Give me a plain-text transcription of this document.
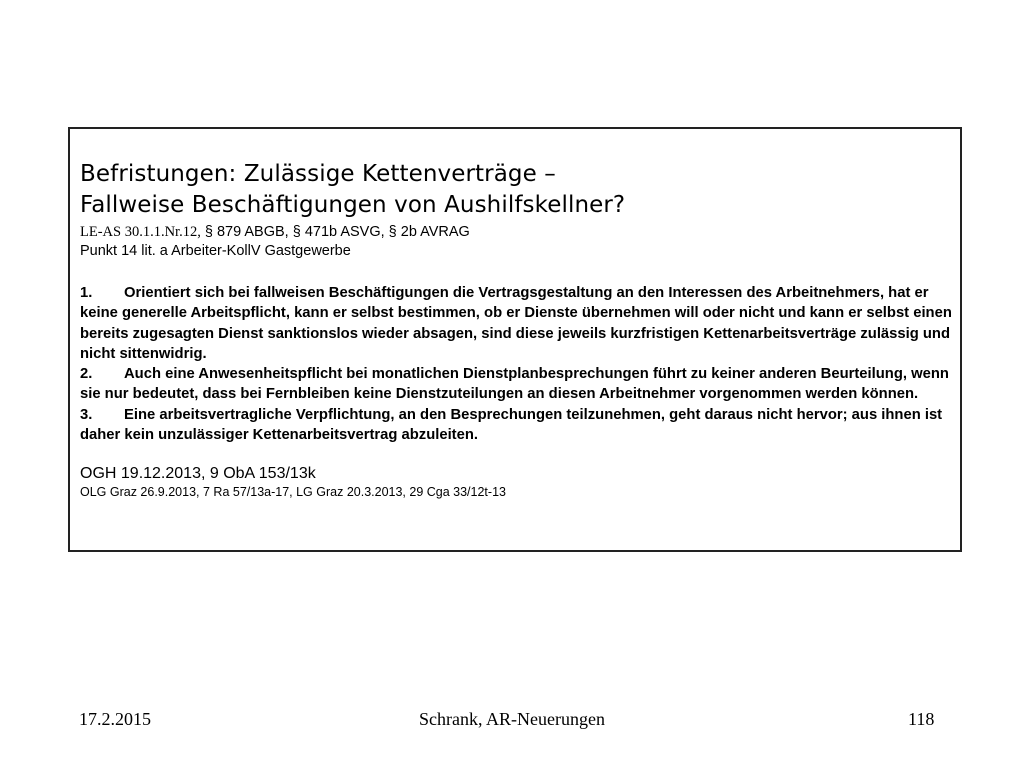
Befristungen: Zulässige Kettenverträge –
Fallweise Beschäftigungen von Aushilfskellner?
LE-AS 30.1.1.Nr.12, § 879 ABGB, § 471b ASVG, § 2b AVRAG
Punkt 14 lit. a Arbeiter-KollV Gastgewerbe
1. Orientiert sich bei fallweisen Beschäftigungen die Vertragsgestaltung an den Interessen des Arbeitnehmers, hat er keine generelle Arbeitspflicht, kann er selbst bestimmen, ob er Dienste übernehmen will oder nicht und kann er selbst einen bereits zugesagten Dienst sanktionslos wieder absagen, sind diese jeweils kurzfristigen Kettenarbeitsverträge zulässig und nicht sittenwidrig.
2. Auch eine Anwesenheitspflicht bei monatlichen Dienstplanbesprechungen führt zu keiner anderen Beurteilung, wenn sie nur bedeutet, dass bei Fernbleiben keine Dienstzuteilungen an diesen Arbeitnehmer vorgenommen werden können.
3. Eine arbeitsvertragliche Verpflichtung, an den Besprechungen teilzunehmen, geht daraus nicht hervor; aus ihnen ist daher kein unzulässiger Kettenarbeitsvertrag abzuleiten.
OGH 19.12.2013, 9 ObA 153/13k
OLG Graz 26.9.2013, 7 Ra 57/13a-17, LG Graz 20.3.2013, 29 Cga 33/12t-13
17.2.2015	Schrank, AR-Neuerungen	118
